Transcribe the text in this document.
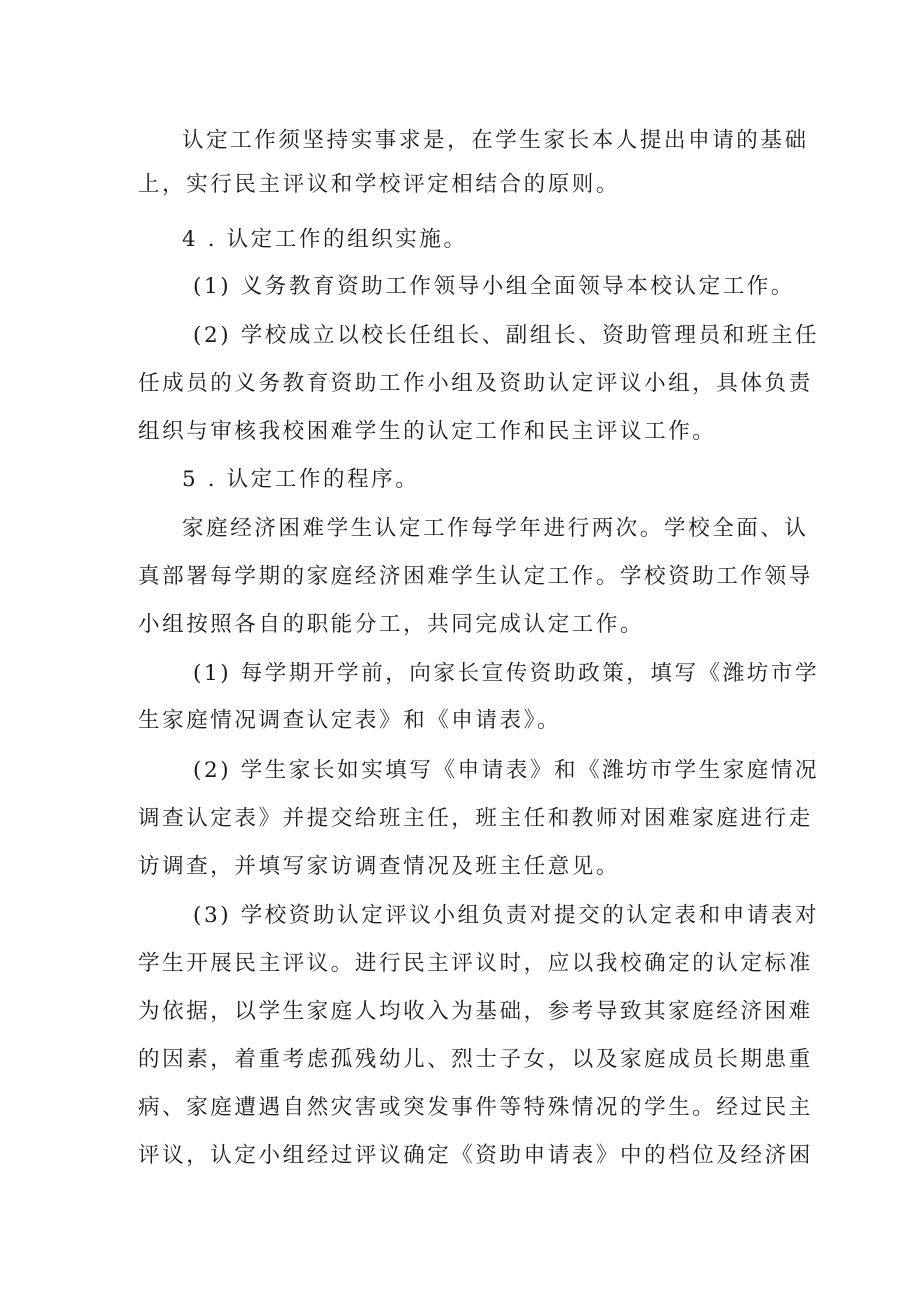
认定工作须坚持实事求是，在学生家长本人提出申请的基础
上，实行民主评议和学校评定相结合的原则。
4 . 认定工作的组织实施。
(1) 义务教育资助工作领导小组全面领导本校认定工作。
(2) 学校成立以校长任组长、副组长、资助管理员和班主任
任成员的义务教育资助工作小组及资助认定评议小组，具体负责
组织与审核我校困难学生的认定工作和民主评议工作。
5 . 认定工作的程序。
家庭经济困难学生认定工作每学年进行两次。学校全面、认
真部署每学期的家庭经济困难学生认定工作。学校资助工作领导
小组按照各自的职能分工，共同完成认定工作。
(1) 每学期开学前，向家长宣传资助政策，填写《潍坊市学
生家庭情况调查认定表》和《申请表》。
(2) 学生家长如实填写《申请表》和《潍坊市学生家庭情况
调查认定表》并提交给班主任，班主任和教师对困难家庭进行走
访调查，并填写家访调查情况及班主任意见。
(3) 学校资助认定评议小组负责对提交的认定表和申请表对
学生开展民主评议。进行民主评议时，应以我校确定的认定标准
为依据，以学生家庭人均收入为基础，参考导致其家庭经济困难
的因素，着重考虑孤残幼儿、烈士子女，以及家庭成员长期患重
病、家庭遭遇自然灾害或突发事件等特殊情况的学生。经过民主
评议，认定小组经过评议确定《资助申请表》中的档位及经济困
